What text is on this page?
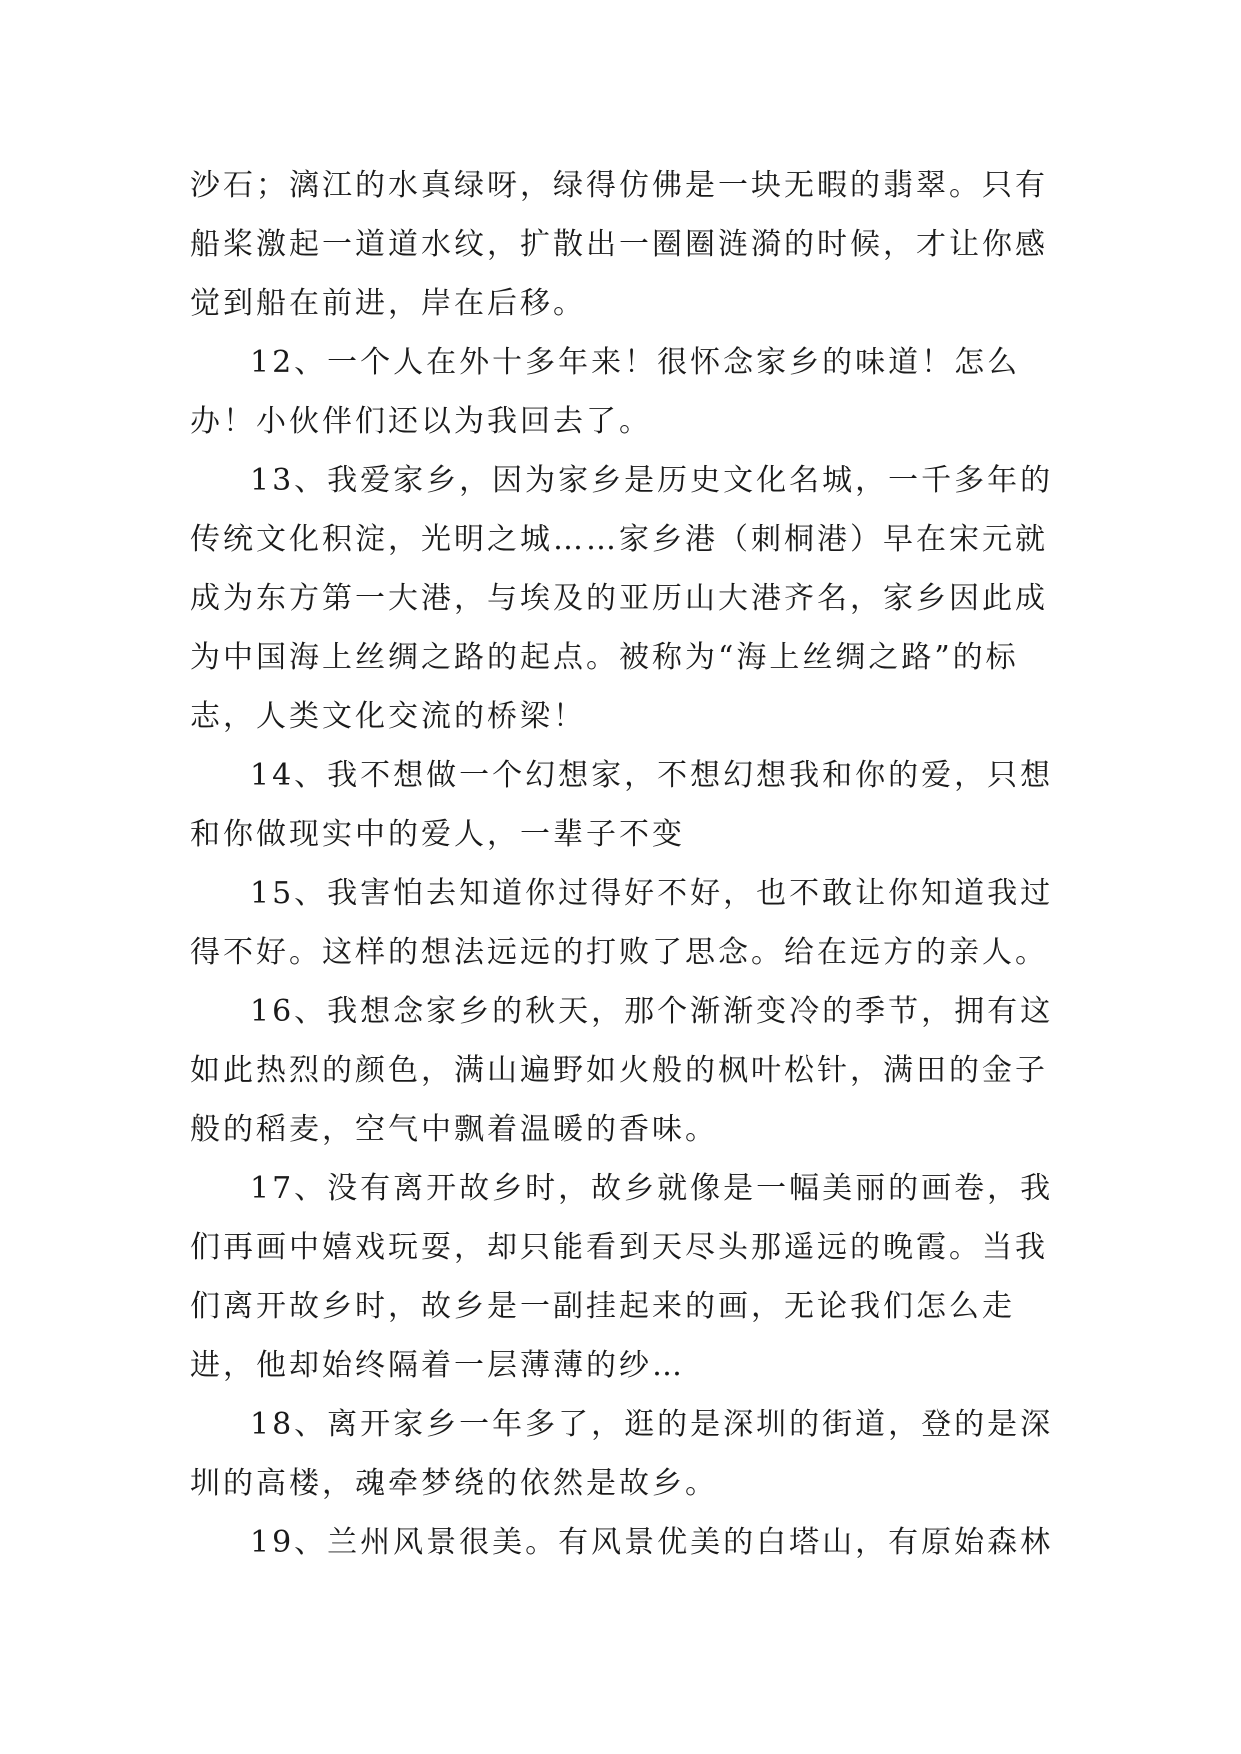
沙石；漓江的水真绿呀，绿得仿佛是一块无暇的翡翠。只有船桨激起一道道水纹，扩散出一圈圈涟漪的时候，才让你感觉到船在前进，岸在后移。

12、一个人在外十多年来！很怀念家乡的味道！怎么办！小伙伴们还以为我回去了。

13、我爱家乡，因为家乡是历史文化名城，一千多年的传统文化积淀，光明之城……家乡港（刺桐港）早在宋元就成为东方第一大港，与埃及的亚历山大港齐名，家乡因此成为中国海上丝绸之路的起点。被称为“海上丝绸之路”的标志，人类文化交流的桥梁！

14、我不想做一个幻想家，不想幻想我和你的爱，只想和你做现实中的爱人，一辈子不变

15、我害怕去知道你过得好不好，也不敢让你知道我过得不好。这样的想法远远的打败了思念。给在远方的亲人。

16、我想念家乡的秋天，那个渐渐变冷的季节，拥有这如此热烈的颜色，满山遍野如火般的枫叶松针，满田的金子般的稻麦，空气中飘着温暖的香味。

17、没有离开故乡时，故乡就像是一幅美丽的画卷，我们再画中嬉戏玩耍，却只能看到天尽头那遥远的晚霞。当我们离开故乡时，故乡是一副挂起来的画，无论我们怎么走进，他却始终隔着一层薄薄的纱…

18、离开家乡一年多了，逛的是深圳的街道，登的是深圳的高楼，魂牵梦绕的依然是故乡。

19、兰州风景很美。有风景优美的白塔山，有原始森林
